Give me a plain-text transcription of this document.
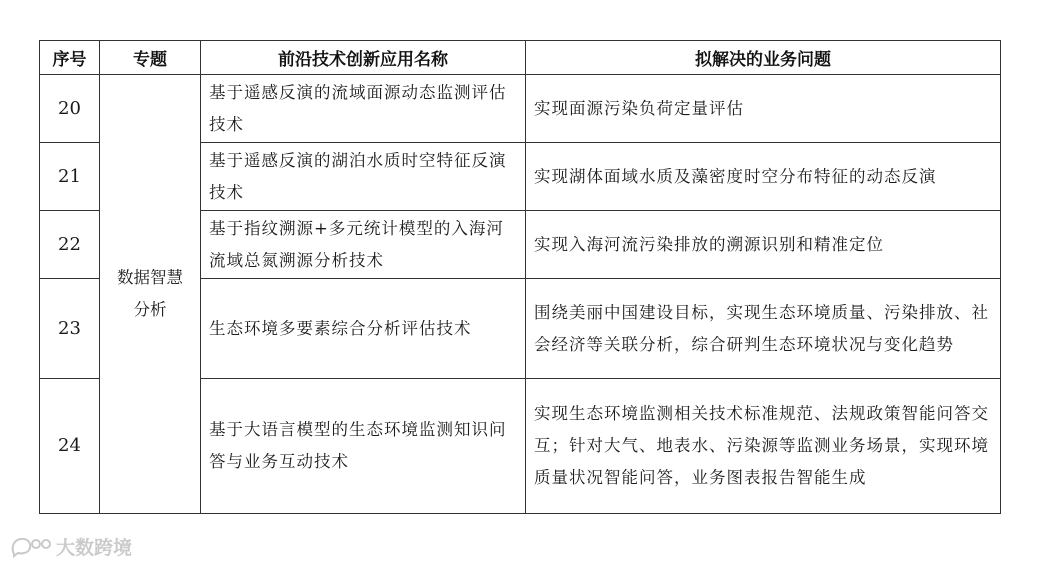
序号	专题	前沿技术创新应用名称	拟解决的业务问题
20	数据智慧分析	基于遥感反演的流域面源动态监测评估技术	实现面源污染负荷定量评估
21		基于遥感反演的湖泊水质时空特征反演技术	实现湖体面域水质及藻密度时空分布特征的动态反演
22		基于指纹溯源+多元统计模型的入海河流域总氮溯源分析技术	实现入海河流污染排放的溯源识别和精准定位
23		生态环境多要素综合分析评估技术	围绕美丽中国建设目标，实现生态环境质量、污染排放、社会经济等关联分析，综合研判生态环境状况与变化趋势
24		基于大语言模型的生态环境监测知识问答与业务互动技术	实现生态环境监测相关技术标准规范、法规政策智能问答交互；针对大气、地表水、污染源等监测业务场景，实现环境质量状况智能问答，业务图表报告智能生成
大数跨境
